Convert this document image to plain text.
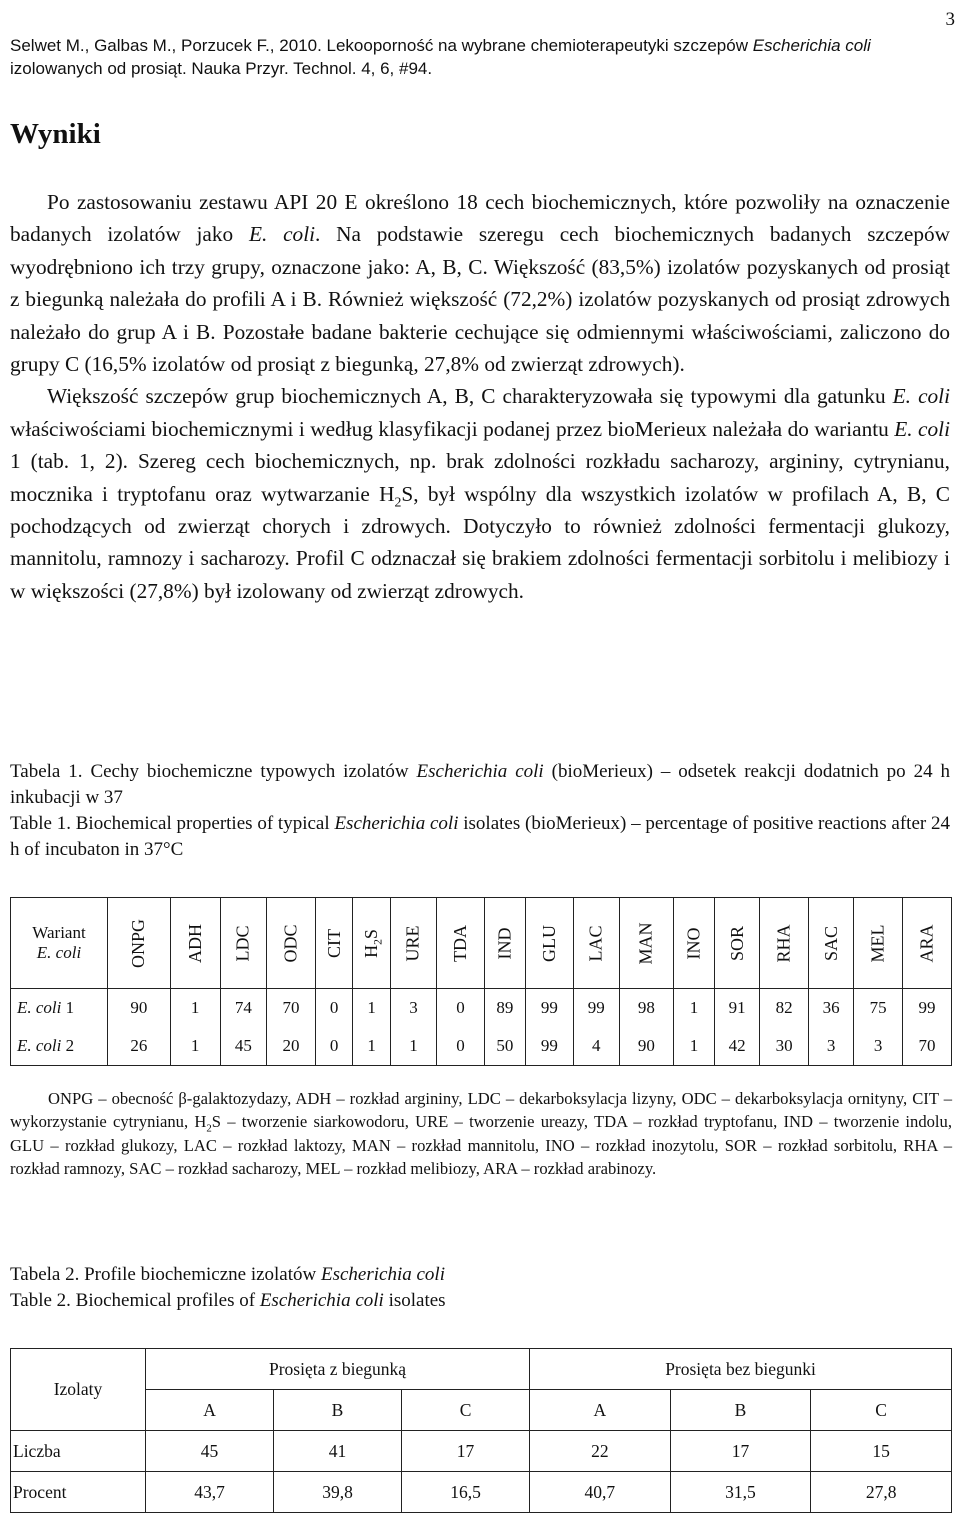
3
Selwet M., Galbas M., Porzucek F., 2010. Lekooporność na wybrane chemioterapeutyki szczepów Escherichia coli
izolowanych od prosiąt. Nauka Przyr. Technol. 4, 6, #94.
Wyniki

Po zastosowaniu zestawu API 20 E określono 18 cech biochemicznych, które pozwoliły na oznaczenie badanych izolatów jako E. coli. Na podstawie szeregu cech biochemicznych badanych szczepów wyodrębniono ich trzy grupy, oznaczone jako: A, B, C. Większość (83,5%) izolatów pozyskanych od prosiąt z biegunką należała do profili A i B. Również większość (72,2%) izolatów pozyskanych od prosiąt zdrowych należało do grup A i B. Pozostałe badane bakterie cechujące się odmiennymi właściwościami, zaliczono do grupy C (16,5% izolatów od prosiąt z biegunką, 27,8% od zwierząt zdrowych).

Większość szczepów grup biochemicznych A, B, C charakteryzowała się typowymi dla gatunku E. coli właściwościami biochemicznymi i według klasyfikacji podanej przez bioMerieux należała do wariantu E. coli 1 (tab. 1, 2). Szereg cech biochemicznych, np. brak zdolności rozkładu sacharozy, argininy, cytrynianu, mocznika i tryptofanu oraz wytwarzanie $H_2S$, był wspólny dla wszystkich izolatów w profilach A, B, C pochodzących od zwierząt chorych i zdrowych. Dotyczyło to również zdolności fermentacji glukozy, mannitolu, ramnozy i sacharozy. Profil C odznaczał się brakiem zdolności fermentacji sorbitolu i melibiozy i w większości (27,8%) był izolowany od zwierząt zdrowych.

Tabela 1. Cechy biochemiczne typowych izolatów Escherichia coli (bioMerieux) – odsetek reakcji dodatnich po 24 h inkubacji w 37

Table 1. Biochemical properties of typical Escherichia coli isolates (bioMerieux) – percentage of positive reactions after 24 h of incubaton in 37°C

Wariant
E. coli	ONPG	ADH	LDC	ODC	CIT	$H_2S$	URE	TDA	IND	GLU	LAC	MAN	INO	SOR	RHA	SAC	MEL	ARA
E. coli 1	90	1	74	70	0	1	3	0	89	99	99	98	1	91	82	36	75	99
E. coli 2	26	1	45	20	0	1	1	0	50	99	4	90	1	42	30	3	3	70

ONPG – obecność β-galaktozydazy, ADH – rozkład argininy, LDC – dekarboksylacja lizyny, ODC – dekarboksylacja ornityny, CIT – wykorzystanie cytrynianu, $H_2S$ – tworzenie siarkowodoru, URE – tworzenie ureazy, TDA – rozkład tryptofanu, IND – tworzenie indolu, GLU – rozkład glukozy, LAC – rozkład laktozy, MAN – rozkład mannitolu, INO – rozkład inozytolu, SOR – rozkład sorbitolu, RHA – rozkład ramnozy, SAC – rozkład sacharozy, MEL – rozkład melibiozy, ARA – rozkład arabinozy.

Tabela 2. Profile biochemiczne izolatów Escherichia coli

Table 2. Biochemical profiles of Escherichia coli isolates

Izolaty	Prosięta z biegunką			Prosięta bez biegunki		
	A	B	C	A	B	C
Liczba	45	41	17	22	17	15
Procent	43,7	39,8	16,5	40,7	31,5	27,8
